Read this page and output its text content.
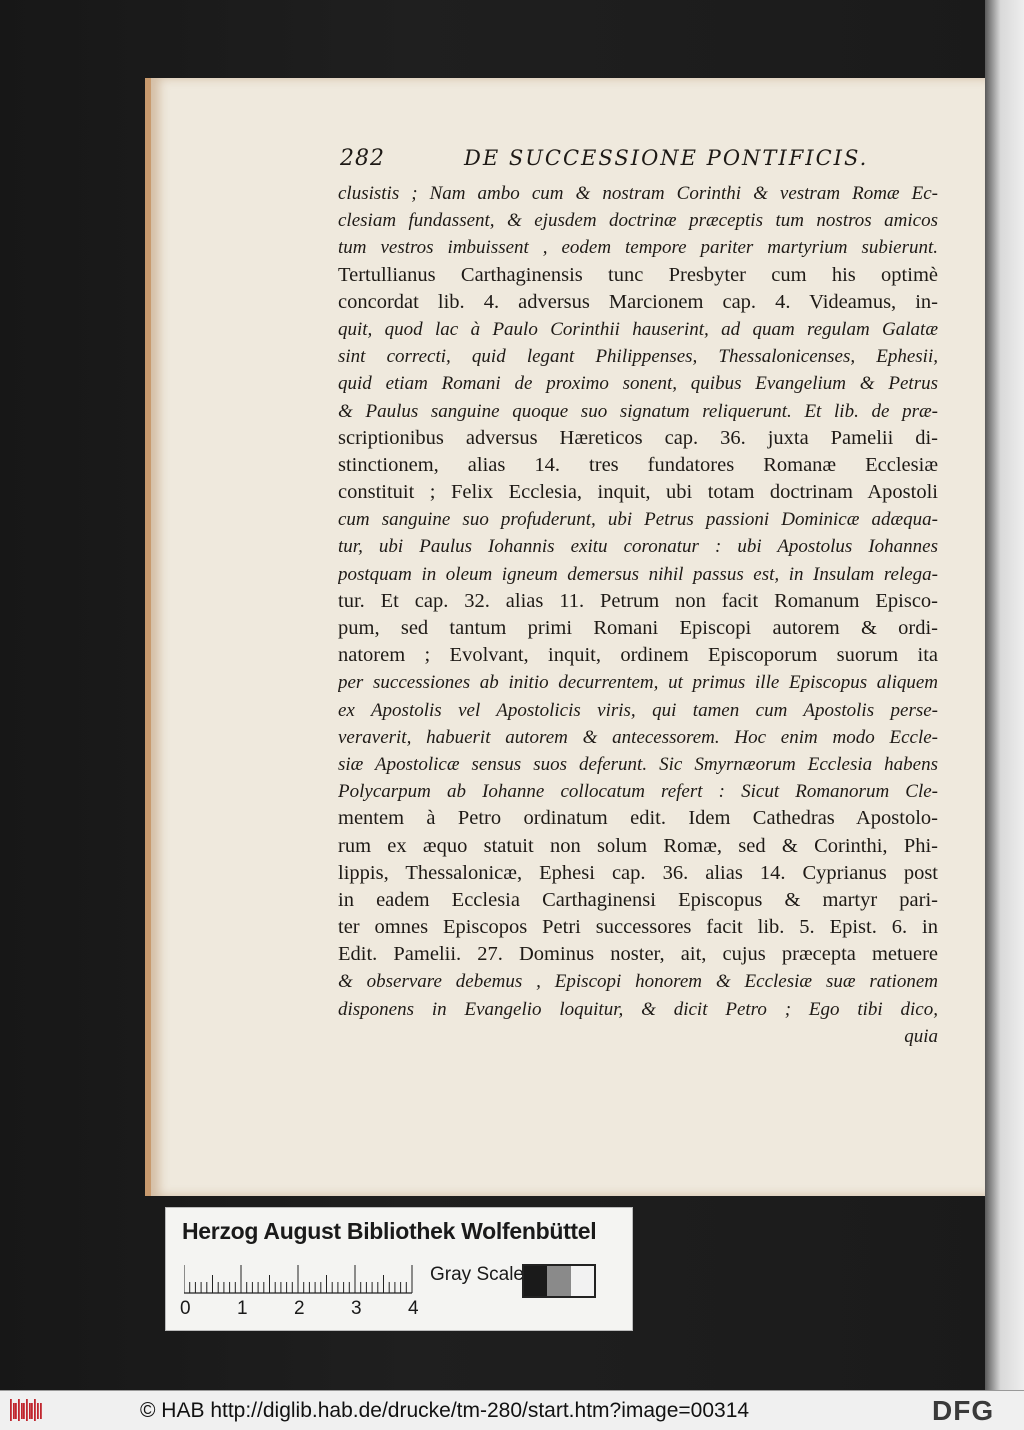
282	DE SUCCESSIONE PONTIFICIS.
clusistis ; Nam ambo cum & nostram Corinthi & vestram Romæ Ec-
clesiam fundassent, & ejusdem doctrinæ præceptis tum nostros amicos
tum vestros imbuissent , eodem tempore pariter martyrium subierunt.
Tertullianus Carthaginensis tunc Presbyter cum his optimè
concordat lib. 4. adversus Marcionem cap. 4. Videamus, in-
quit, quod lac à Paulo Corinthii hauserint, ad quam regulam Galatæ
sint correcti, quid legant Philippenses, Thessalonicenses, Ephesii,
quid etiam Romani de proximo sonent, quibus Evangelium & Petrus
& Paulus sanguine quoque suo signatum reliquerunt. Et lib. de præ-
scriptionibus adversus Hæreticos cap. 36. juxta Pamelii di-
stinctionem, alias 14. tres fundatores Romanæ Ecclesiæ
constituit ; Felix Ecclesia, inquit, ubi totam doctrinam Apostoli
cum sanguine suo profuderunt, ubi Petrus passioni Dominicæ adæqua-
tur, ubi Paulus Iohannis exitu coronatur : ubi Apostolus Iohannes
postquam in oleum igneum demersus nihil passus est, in Insulam relega-
tur. Et cap. 32. alias 11. Petrum non facit Romanum Episco-
pum, sed tantum primi Romani Episcopi autorem & ordi-
natorem ; Evolvant, inquit, ordinem Episcoporum suorum ita
per successiones ab initio decurrentem, ut primus ille Episcopus aliquem
ex Apostolis vel Apostolicis viris, qui tamen cum Apostolis perse-
veraverit, habuerit autorem & antecessorem. Hoc enim modo Eccle-
siæ Apostolicæ sensus suos deferunt. Sic Smyrnæorum Ecclesia habens
Polycarpum ab Iohanne collocatum refert : Sicut Romanorum Cle-
mentem à Petro ordinatum edit. Idem Cathedras Apostolo-
rum ex æquo statuit non solum Romæ, sed & Corinthi, Phi-
lippis, Thessalonicæ, Ephesi cap. 36. alias 14. Cyprianus post
in eadem Ecclesia Carthaginensi Episcopus & martyr pari-
ter omnes Episcopos Petri successores facit lib. 5. Epist. 6. in
Edit. Pamelii. 27. Dominus noster, ait, cujus præcepta metuere
& observare debemus , Episcopi honorem & Ecclesiæ suæ rationem
disponens in Evangelio loquitur, & dicit Petro ; Ego tibi dico,
quia
Herzog August Bibliothek Wolfenbüttel
0 1 2 3 4
Gray Scale
© HAB http://diglib.hab.de/drucke/tm-280/start.htm?image=00314	DFG
